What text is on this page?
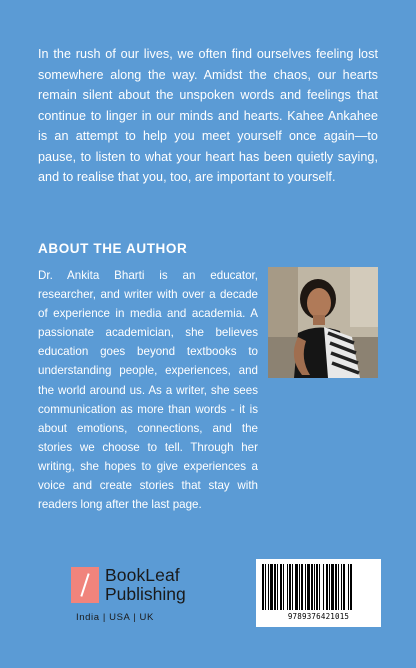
In the rush of our lives, we often find ourselves feeling lost somewhere along the way. Amidst the chaos, our hearts remain silent about the unspoken words and feelings that continue to linger in our minds and hearts. Kahee Ankahee is an attempt to help you meet yourself once again—to pause, to listen to what your heart has been quietly saying, and to realise that you, too, are important to yourself.
ABOUT THE AUTHOR
Dr. Ankita Bharti is an educator, researcher, and writer with over a decade of experience in media and academia. A passionate academician, she believes education goes beyond textbooks to understanding people, experiences, and the world around us. As a writer, she sees communication as more than words - it is about emotions, connections, and the stories we choose to tell. Through her writing, she hopes to give experiences a voice and create stories that stay with readers long after the last page.
BookLeaf
Publishing
India | USA | UK	9789376421015
